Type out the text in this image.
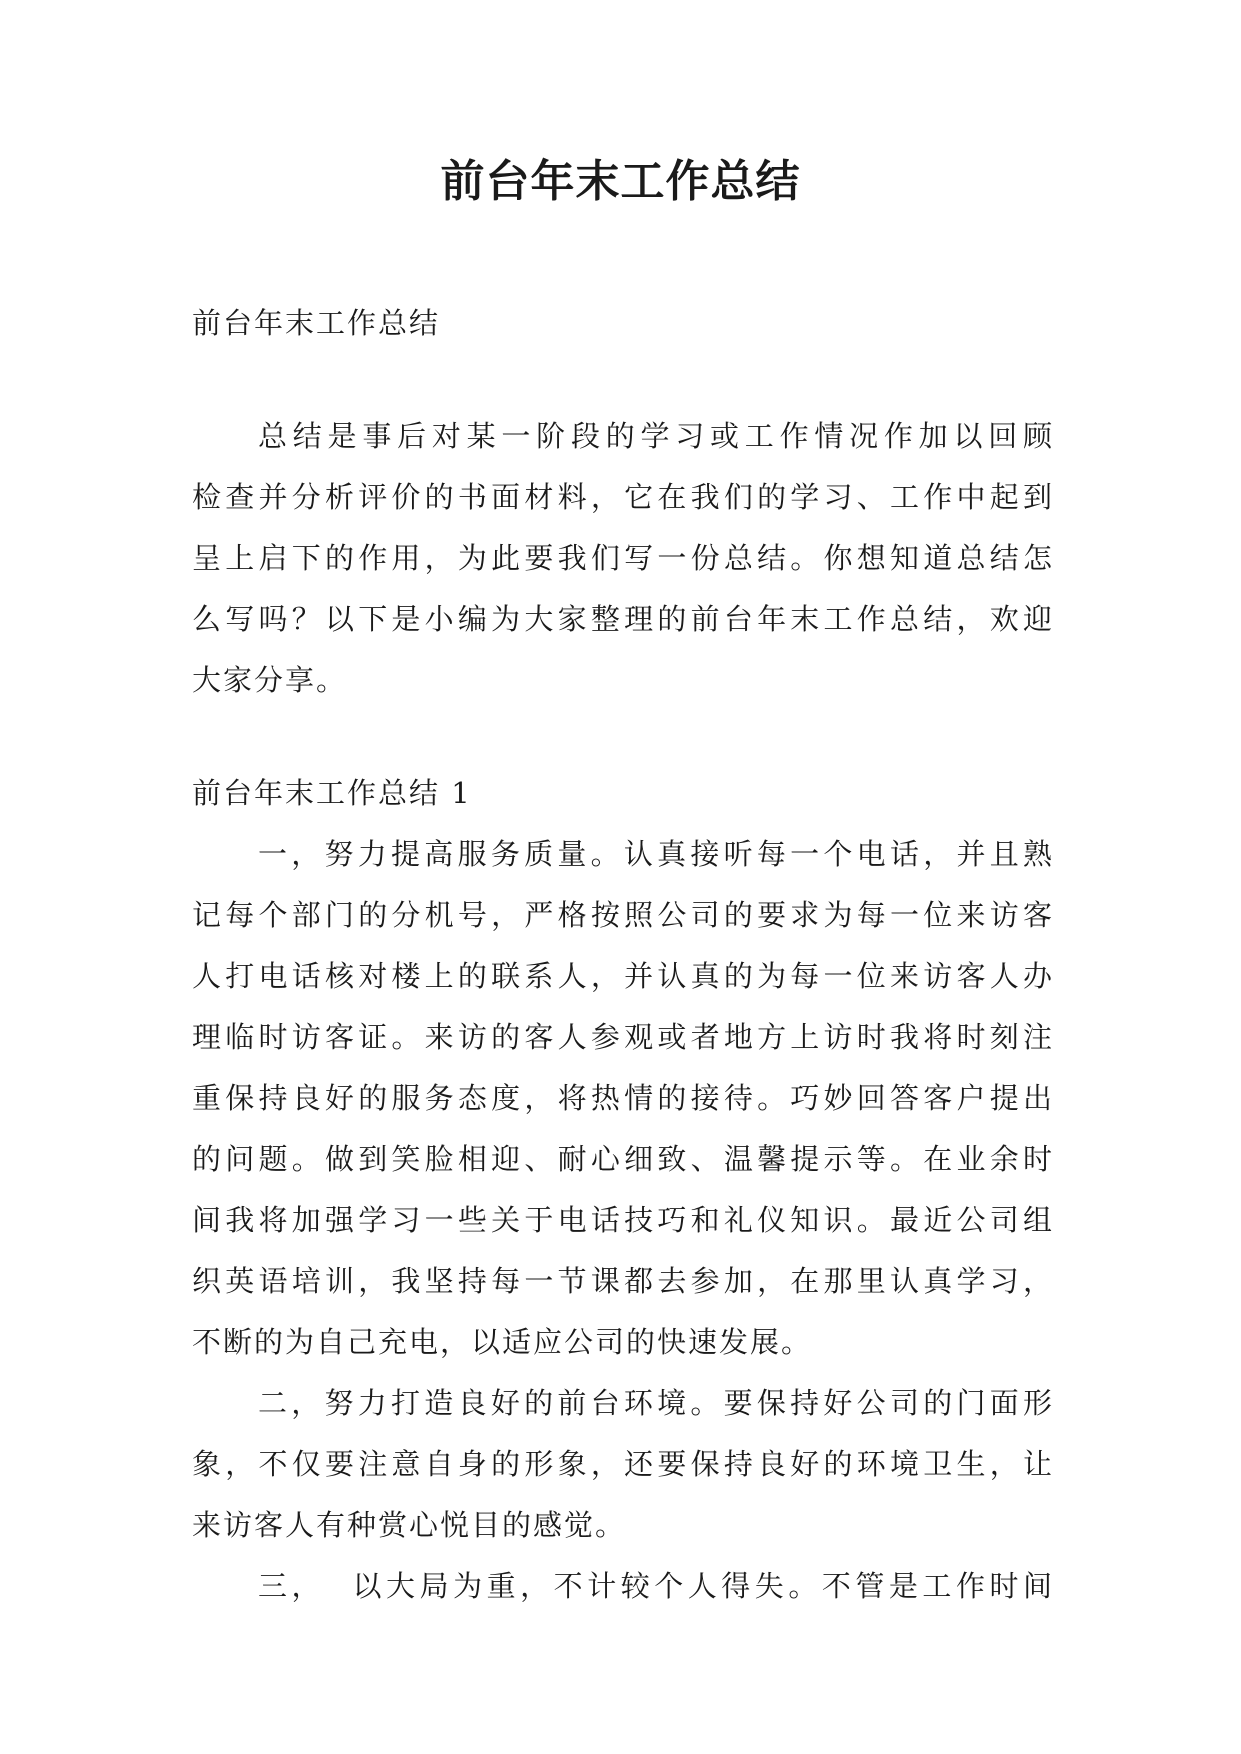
前台年末工作总结
前台年末工作总结
总结是事后对某一阶段的学习或工作情况作加以回顾
检查并分析评价的书面材料，它在我们的学习、工作中起到
呈上启下的作用，为此要我们写一份总结。你想知道总结怎
么写吗？以下是小编为大家整理的前台年末工作总结，欢迎
大家分享。
前台年末工作总结 1
一，努力提高服务质量。认真接听每一个电话，并且熟
记每个部门的分机号，严格按照公司的要求为每一位来访客
人打电话核对楼上的联系人，并认真的为每一位来访客人办
理临时访客证。来访的客人参观或者地方上访时我将时刻注
重保持良好的服务态度，将热情的接待。巧妙回答客户提出
的问题。做到笑脸相迎、耐心细致、温馨提示等。在业余时
间我将加强学习一些关于电话技巧和礼仪知识。最近公司组
织英语培训，我坚持每一节课都去参加，在那里认真学习，
不断的为自己充电，以适应公司的快速发展。
二，努力打造良好的前台环境。要保持好公司的门面形
象，不仅要注意自身的形象，还要保持良好的环境卫生，让
来访客人有种赏心悦目的感觉。
三，  以大局为重，不计较个人得失。不管是工作时间
